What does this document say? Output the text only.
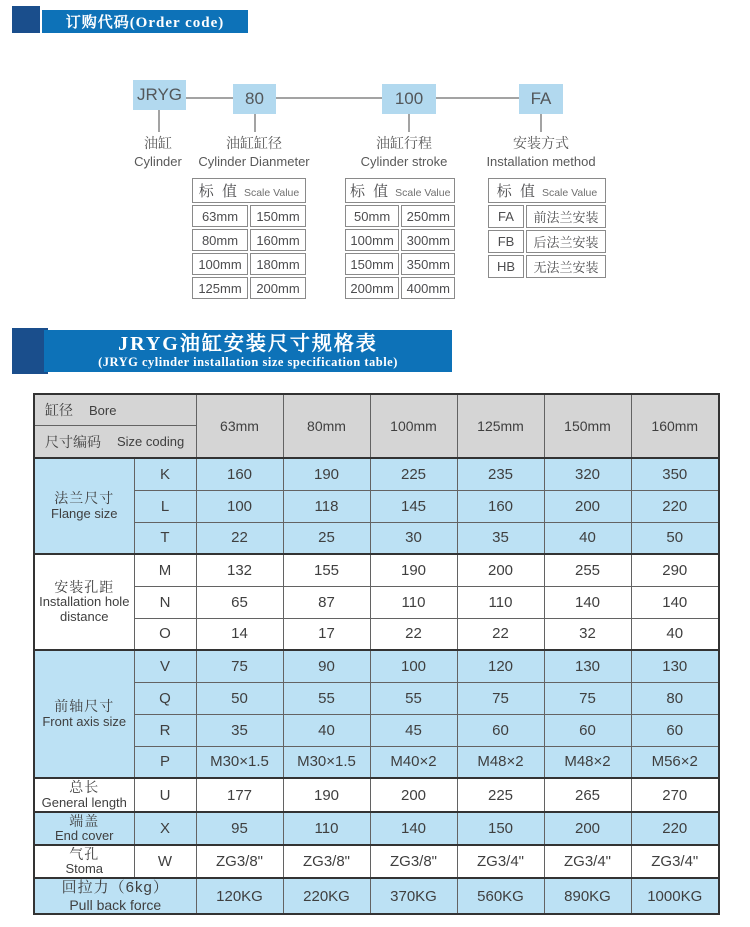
订购代码(Order code)
JRYG	80	100	FA
油缸
Cylinder
油缸缸径
Cylinder Dianmeter
油缸行程
Cylinder stroke
安装方式
Installation method
标 值 Scale Value	
63mm	150mm
80mm	160mm
100mm	180mm
125mm	200mm
标 值 Scale Value	
50mm	250mm
100mm	300mm
150mm	350mm
200mm	400mm
标 值 Scale Value	
FA	前法兰安装
FB	后法兰安装
HB	无法兰安装
JRYG油缸安装尺寸规格表
(JRYG cylinder installation size specification table)
缸径 Bore
尺寸编码 Size coding		63mm	80mm	100mm	125mm	150mm	160mm

法兰尺寸
Flange size	K	160	190	225	235	320	350
	L	100	118	145	160	200	220
	T	22	25	30	35	40	50

安装孔距
Installation hole distance	M	132	155	190	200	255	290
	N	65	87	110	110	140	140
	O	14	17	22	22	32	40

前轴尺寸
Front axis size	V	75	90	100	120	130	130
	Q	50	55	55	75	75	80
	R	35	40	45	60	60	60
	P	M30×1.5	M30×1.5	M40×2	M48×2	M48×2	M56×2

总长
General length	U	177	190	200	225	265	270

端盖
End cover	X	95	110	140	150	200	220

气孔
Stoma	W	ZG3/8"	ZG3/8"	ZG3/8"	ZG3/4"	ZG3/4"	ZG3/4"

回拉力（6kg）
Pull back force		120KG	220KG	370KG	560KG	890KG	1000KG
